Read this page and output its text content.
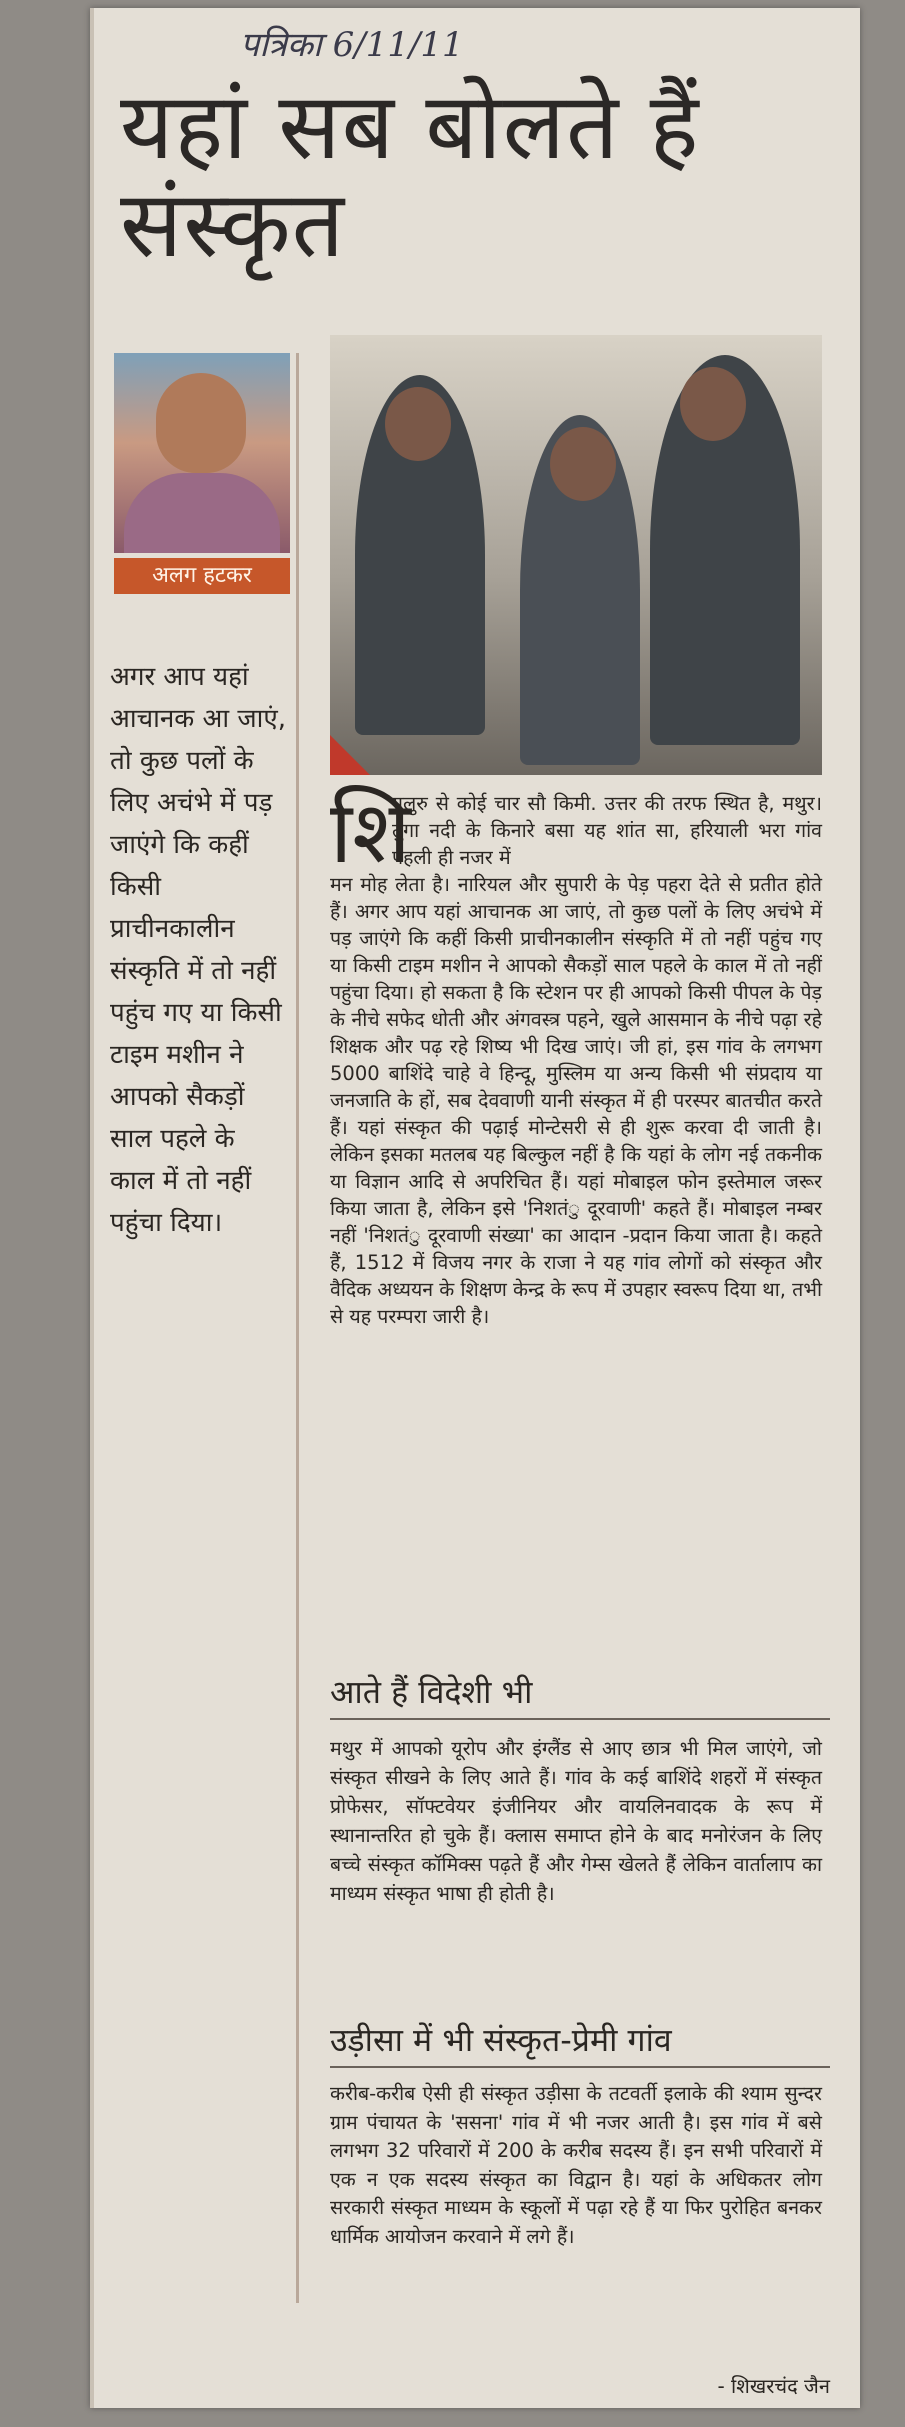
पत्रिका 6/11/11
यहां सब बोलते हैं संस्कृत
अलग हटकर
अगर आप यहां आचानक आ जाएं, तो कुछ पलों के लिए अचंभे में पड़ जाएंगे कि कहीं किसी प्राचीनकालीन संस्कृति में तो नहीं पहुंच गए या किसी टाइम मशीन ने आपको सैकड़ों साल पहले के काल में तो नहीं पहुंचा दिया।
शि
गलुरु से कोई चार सौ किमी. उत्तर की तरफ स्थित है, मथुर। तुंगा नदी के किनारे बसा यह शांत सा, हरियाली भरा गांव पहली ही नजर में
मन मोह लेता है। नारियल और सुपारी के पेड़ पहरा देते से प्रतीत होते हैं। अगर आप यहां आचानक आ जाएं, तो कुछ पलों के लिए अचंभे में पड़ जाएंगे कि कहीं किसी प्राचीनकालीन संस्कृति में तो नहीं पहुंच गए या किसी टाइम मशीन ने आपको सैकड़ों साल पहले के काल में तो नहीं पहुंचा दिया। हो सकता है कि स्टेशन पर ही आपको किसी पीपल के पेड़ के नीचे सफेद धोती और अंगवस्त्र पहने, खुले आसमान के नीचे पढ़ा रहे शिक्षक और पढ़ रहे शिष्य भी दिख जाएं। जी हां, इस गांव के लगभग 5000 बाशिंदे चाहे वे हिन्दू, मुस्लिम या अन्य किसी भी संप्रदाय या जनजाति के हों, सब देववाणी यानी संस्कृत में ही परस्पर बातचीत करते हैं। यहां संस्कृत की पढ़ाई मोन्टेसरी से ही शुरू करवा दी जाती है। लेकिन इसका मतलब यह बिल्कुल नहीं है कि यहां के लोग नई तकनीक या विज्ञान आदि से अपरिचित हैं। यहां मोबाइल फोन इस्तेमाल जरूर किया जाता है, लेकिन इसे 'निशतंु दूरवाणी' कहते हैं। मोबाइल नम्बर नहीं 'निशतंु दूरवाणी संख्या' का आदान -प्रदान किया जाता है। कहते हैं, 1512 में विजय नगर के राजा ने यह गांव लोगों को संस्कृत और वैदिक अध्ययन के शिक्षण केन्द्र के रूप में उपहार स्वरूप दिया था, तभी से यह परम्परा जारी है।
आते हैं विदेशी भी
मथुर में आपको यूरोप और इंग्लैंड से आए छात्र भी मिल जाएंगे, जो संस्कृत सीखने के लिए आते हैं। गांव के कई बाशिंदे शहरों में संस्कृत प्रोफेसर, सॉफ्टवेयर इंजीनियर और वायलिनवादक के रूप में स्थानान्तरित हो चुके हैं। क्लास समाप्त होने के बाद मनोरंजन के लिए बच्चे संस्कृत कॉमिक्स पढ़ते हैं और गेम्स खेलते हैं लेकिन वार्तालाप का माध्यम संस्कृत भाषा ही होती है।
उड़ीसा में भी संस्कृत-प्रेमी गांव
करीब-करीब ऐसी ही संस्कृत उड़ीसा के तटवर्ती इलाके की श्याम सुन्दर ग्राम पंचायत के 'ससना' गांव में भी नजर आती है। इस गांव में बसे लगभग 32 परिवारों में 200 के करीब सदस्य हैं। इन सभी परिवारों में एक न एक सदस्य संस्कृत का विद्वान है। यहां के अधिकतर लोग सरकारी संस्कृत माध्यम के स्कूलों में पढ़ा रहे हैं या फिर पुरोहित बनकर धार्मिक आयोजन करवाने में लगे हैं।
- शिखरचंद जैन
